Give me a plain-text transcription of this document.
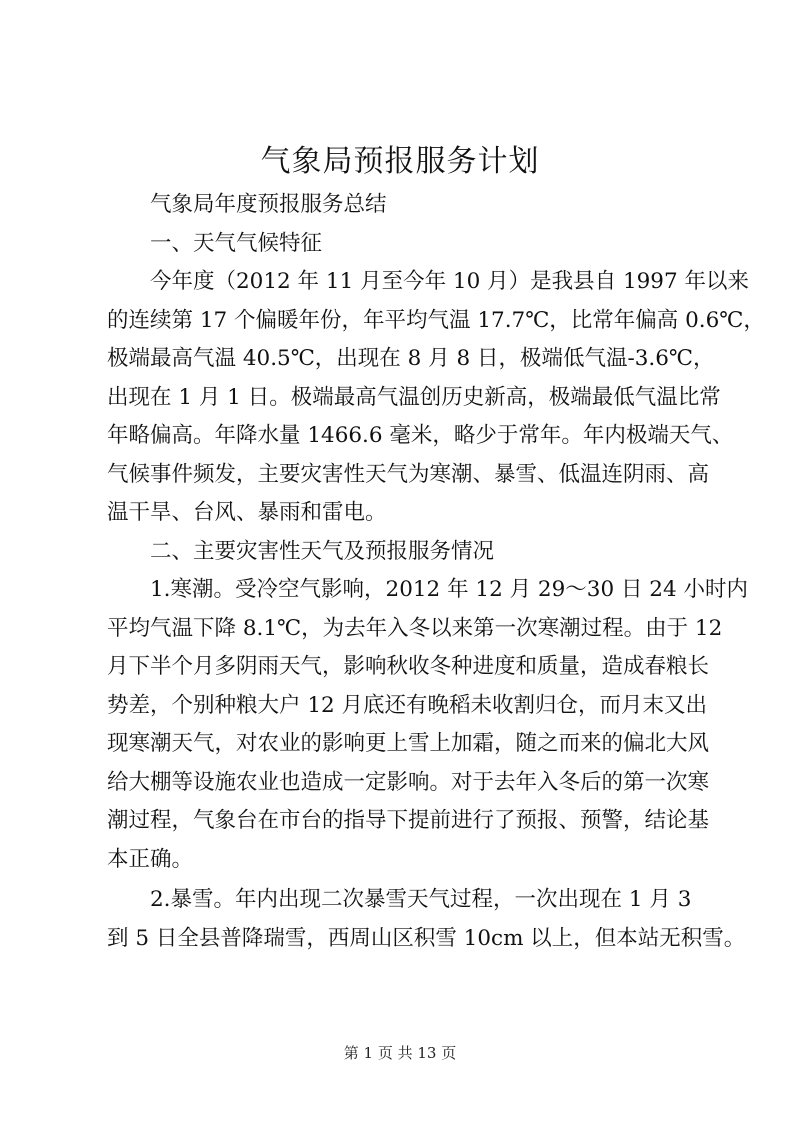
气象局预报服务计划
气象局年度预报服务总结
一、天气气候特征
今年度（2012 年 11 月至今年 10 月）是我县自 1997 年以来
的连续第 17 个偏暖年份，年平均气温 17.7℃，比常年偏高 0.6℃，
极端最高气温 40.5℃，出现在 8 月 8 日，极端低气温-3.6℃，
出现在 1 月 1 日。极端最高气温创历史新高，极端最低气温比常
年略偏高。年降水量 1466.6 毫米，略少于常年。年内极端天气、
气候事件频发，主要灾害性天气为寒潮、暴雪、低温连阴雨、高
温干旱、台风、暴雨和雷电。
二、主要灾害性天气及预报服务情况
1.寒潮。受冷空气影响，2012 年 12 月 29～30 日 24 小时内
平均气温下降 8.1℃，为去年入冬以来第一次寒潮过程。由于 12
月下半个月多阴雨天气，影响秋收冬种进度和质量，造成春粮长
势差，个别种粮大户 12 月底还有晚稻未收割归仓，而月末又出
现寒潮天气，对农业的影响更上雪上加霜，随之而来的偏北大风
给大棚等设施农业也造成一定影响。对于去年入冬后的第一次寒
潮过程，气象台在市台的指导下提前进行了预报、预警，结论基
本正确。
2.暴雪。年内出现二次暴雪天气过程，一次出现在 1 月 3
到 5 日全县普降瑞雪，西周山区积雪 10cm 以上，但本站无积雪。
第 1 页 共 13 页
